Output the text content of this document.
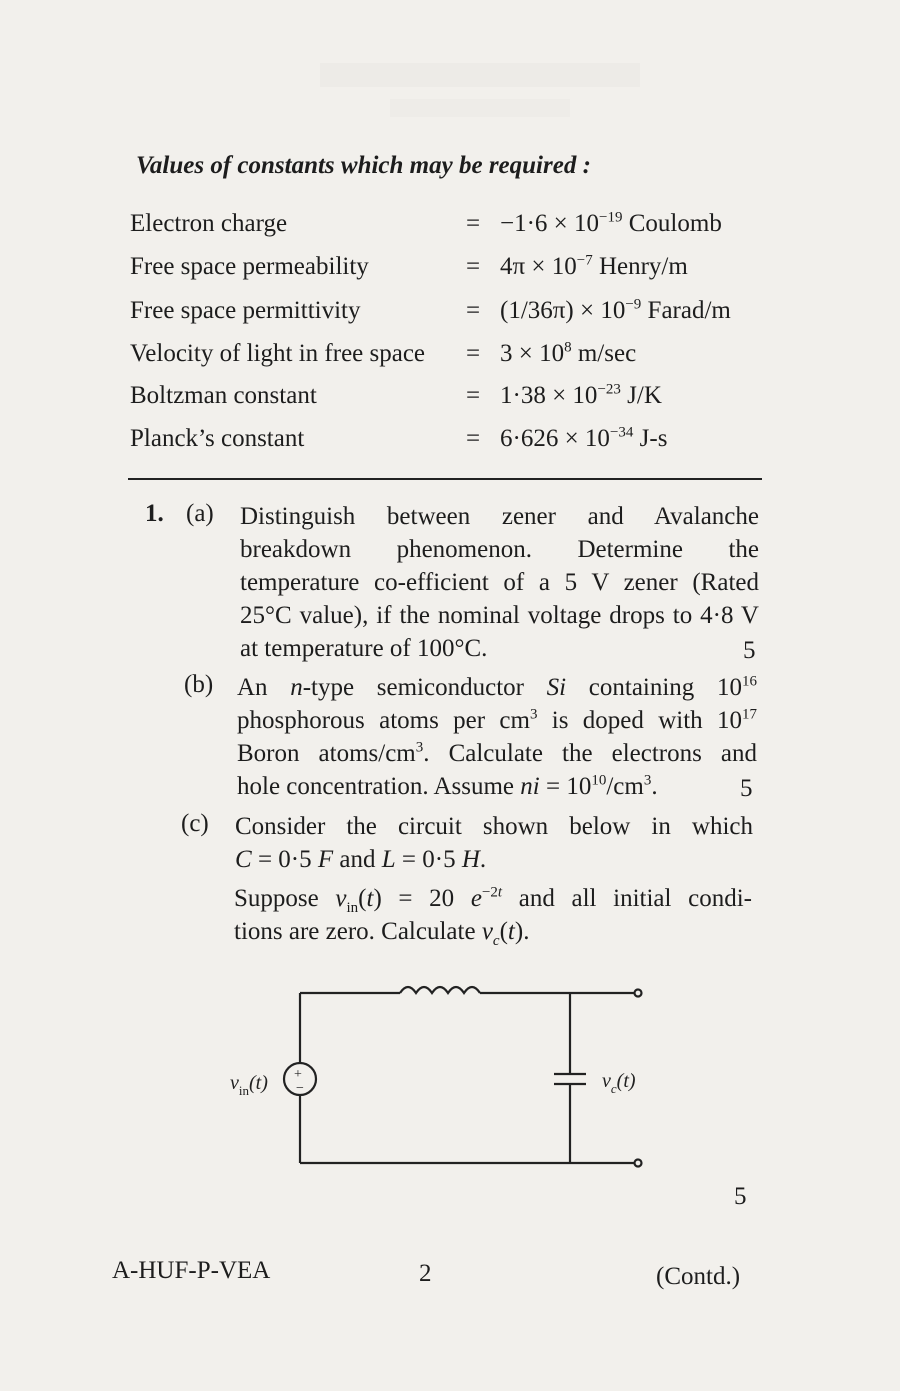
Values of constants which may be required :
Electron charge	= $-1\cdot 6 \times 10^{-19}$ Coulomb
Free space permeability	= $4\pi \times 10^{-7}$ Henry/m
Free space permittivity	= $(1/36\pi) \times 10^{-9}$ Farad/m
Velocity of light in free space = $3 \times 10^8$ m/sec
Boltzman constant	= $1\cdot 38 \times 10^{-23}$ J/K
Planck’s constant	= $6\cdot 626 \times 10^{-34}$ J-s
1. (a) Distinguish between zener and Avalanche
breakdown phenomenon. Determine the
temperature co-efficient of a 5 V zener (Rated
25°C value), if the nominal voltage drops to 4·8 V
at temperature of 100°C.	5
(b) An n-type semiconductor Si containing $10^{16}$
phosphorous atoms per $cm^3$ is doped with $10^{17}$
Boron atoms/$cm^3$. Calculate the electrons and
hole concentration. Assume ni = $10^{10}/cm^3$.	5
(c) Consider the circuit shown below in which
C = 0·5 F and L = 0·5 H.
Suppose $v_{in}(t) = 20$ $e^{-2t}$ and all initial condi-
tions are zero. Calculate $v_c(t)$.
+
−
$v_{in}(t)$	$v_c(t)$
5
A-HUF-P-VEA	2	(Contd.)
